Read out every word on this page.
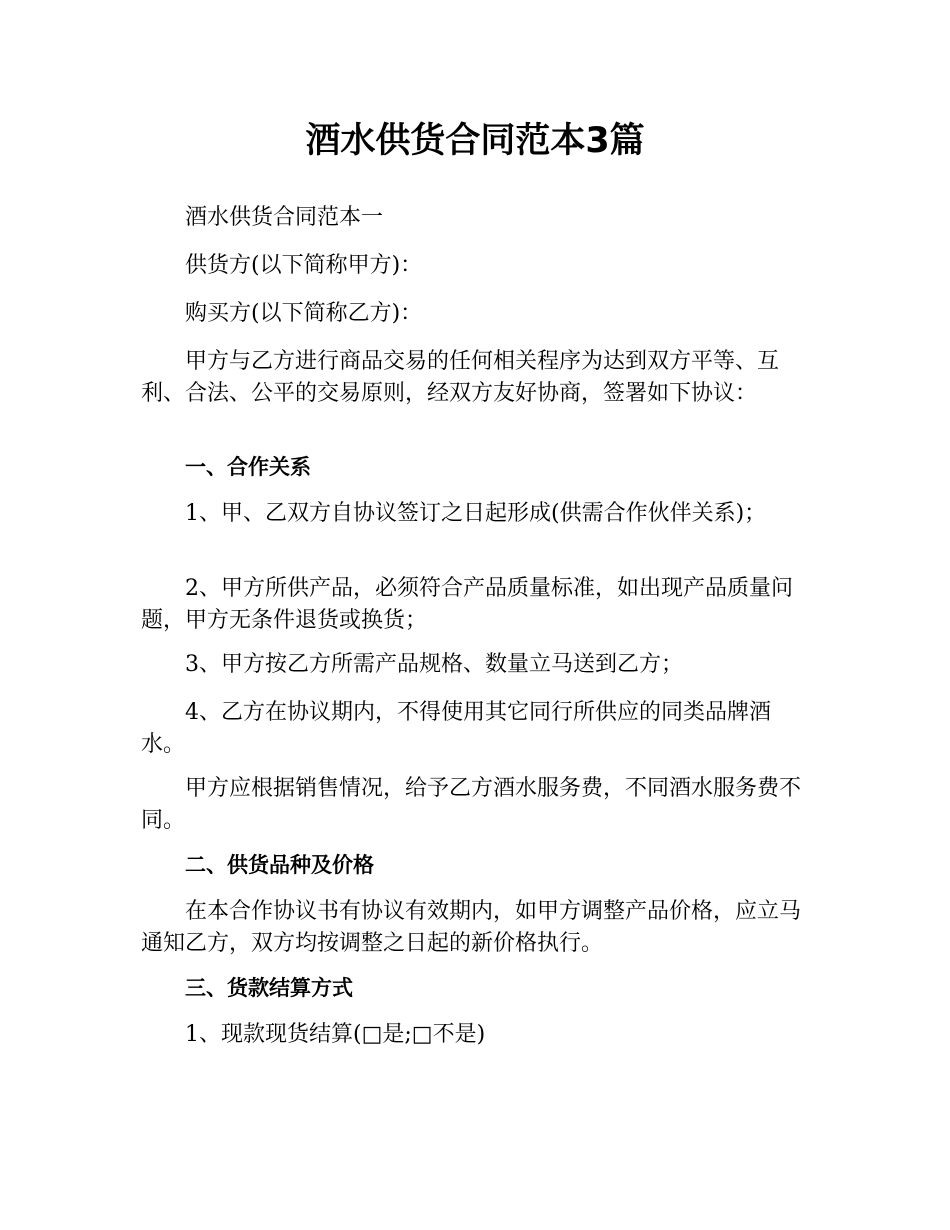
酒水供货合同范本3篇

酒水供货合同范本一

供货方(以下简称甲方)：

购买方(以下简称乙方)：

甲方与乙方进行商品交易的任何相关程序为达到双方平等、互利、合法、公平的交易原则，经双方友好协商，签署如下协议：

一、合作关系

1、甲、乙双方自协议签订之日起形成(供需合作伙伴关系)；

2、甲方所供产品，必须符合产品质量标准，如出现产品质量问题，甲方无条件退货或换货；

3、甲方按乙方所需产品规格、数量立马送到乙方；

4、乙方在协议期内，不得使用其它同行所供应的同类品牌酒水。

甲方应根据销售情况，给予乙方酒水服务费，不同酒水服务费不同。

二、供货品种及价格

在本合作协议书有协议有效期内，如甲方调整产品价格，应立马通知乙方，双方均按调整之日起的新价格执行。

三、货款结算方式

1、现款现货结算(□是;□不是)
